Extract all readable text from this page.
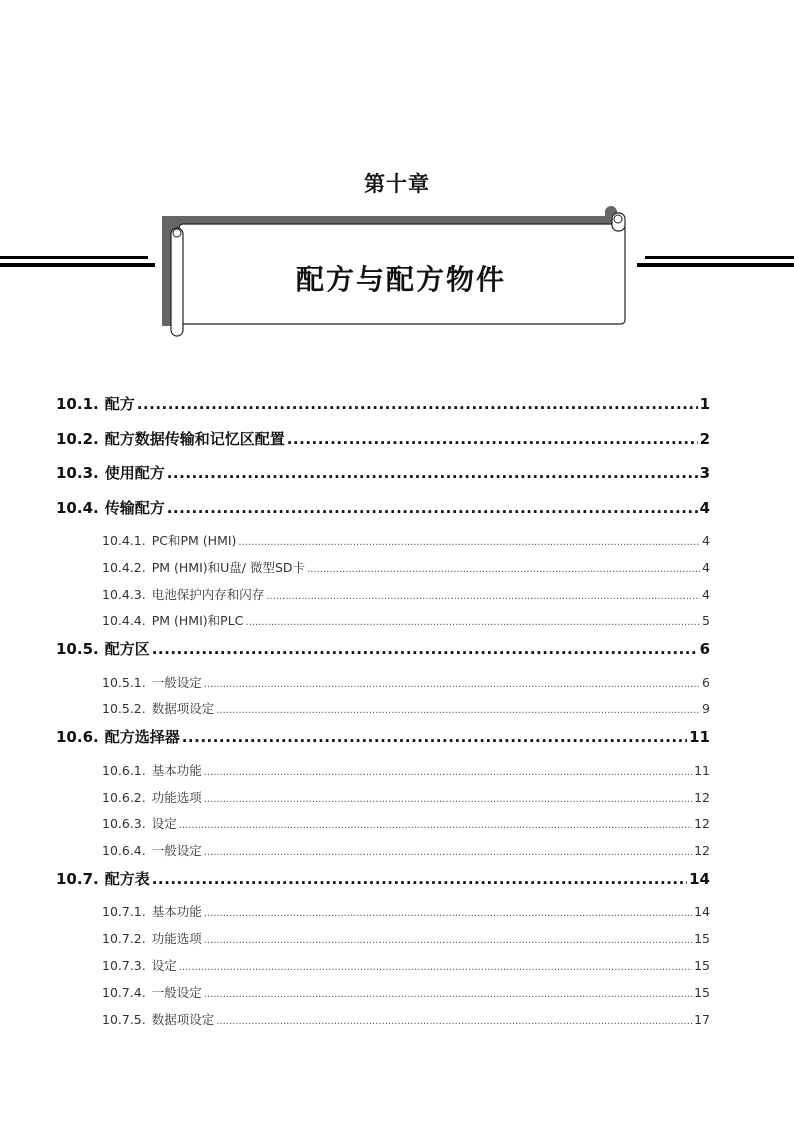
第十章
配方与配方物件
10.1. 配方 .....	1
10.2. 配方数据传输和记忆区配置 .....	2
10.3. 使用配方 .....	3
10.4. 传输配方 .....	4
10.4.1. PC和PM (HMI) .....	4
10.4.2. PM (HMI)和U盘/ 微型SD卡 .....	4
10.4.3. 电池保护内存和闪存 .....	4
10.4.4. PM (HMI)和PLC .....	5
10.5. 配方区 .....	6
10.5.1. 一般设定 .....	6
10.5.2. 数据项设定 .....	9
10.6. 配方选择器 .....	11
10.6.1. 基本功能 .....	11
10.6.2. 功能选项 .....	12
10.6.3. 设定 .....	12
10.6.4. 一般设定 .....	12
10.7. 配方表 .....	14
10.7.1. 基本功能 .....	14
10.7.2. 功能选项 .....	15
10.7.3. 设定 .....	15
10.7.4. 一般设定 .....	15
10.7.5. 数据项设定 .....	17
